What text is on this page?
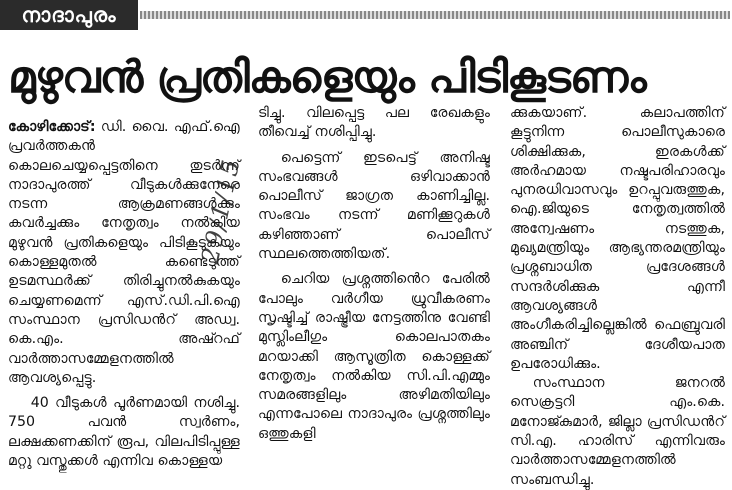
നാദാപുരം
മുഴുവൻ പ്രതികളെയും പിടികൂടണം

കോഴിക്കോട്: ഡി. വൈ. എഫ്.ഐ പ്രവർത്തകൻ കൊലചെയ്യപ്പെട്ടതിനെ തുടർന്ന് നാദാപുരത്ത് വീടുകൾക്കുനേരെ നടന്ന ആക്രമണങ്ങൾക്കും കവർച്ചക്കും നേതൃത്വം നൽകിയ മുഴുവൻ പ്രതികളെയും പിടികൂടുകയും കൊള്ളമുതൽ കണ്ടെടുത്ത് ഉടമസ്ഥർക്ക് തിരിച്ചുനൽകുകയും ചെയ്യണമെന്ന് എസ്.ഡി.പി.ഐ സംസ്ഥാന പ്രസിഡൻറ് അഡ്വ. കെ.എം. അഷ്റഫ് വാർത്താസമ്മേളനത്തിൽ ആവശ്യപ്പെട്ടു.

40 വീടുകൾ പൂർണമായി നശിച്ചു. 750 പവൻ സ്വർണം, ലക്ഷക്കണക്കിന് രൂപ, വിലപിടിപ്പുള്ള മറ്റു വസ്തുക്കൾ എന്നിവ കൊള്ളയ

ടിച്ചു. വിലപ്പെട്ട പല രേഖകളും തീവെച്ച് നശിപ്പിച്ചു.

പെട്ടെന്ന് ഇടപെട്ട് അനിഷ്ട സംഭവങ്ങൾ ഒഴിവാക്കാൻ പൊലീസ് ജാഗ്രത കാണിച്ചില്ല. സംഭവം നടന്ന് മണിക്കൂറുകൾ കഴിഞ്ഞാണ് പൊലീസ് സ്ഥലത്തെത്തിയത്.

ചെറിയ പ്രശ്നത്തിൻെറ പേരിൽ പോലും വർഗീയ ധ്രുവീകരണം സൃഷ്ടിച്ച് രാഷ്ട്രീയ നേട്ടത്തിനു വേണ്ടി മുസ്ലിംലീഗും കൊലപാതകം മറയാക്കി ആസൂത്രിത കൊള്ളക്ക് നേതൃത്വം നൽകിയ സി.പി.എമ്മും സമരങ്ങളിലും അഴിമതിയിലും എന്നപോലെ നാദാപുരം പ്രശ്നത്തിലും ഒത്തുകളി

ക്കുകയാണ്. കലാപത്തിന് കൂട്ടുനിന്ന പൊലീസുകാരെ ശിക്ഷിക്കുക, ഇരകൾക്ക് അർഹമായ നഷ്ടപരിഹാരവും പുനരധിവാസവും ഉറപ്പുവരുത്തുക, ഐ.ജിയുടെ നേതൃത്വത്തിൽ അന്വേഷണം നടത്തുക, മുഖ്യമന്ത്രിയും ആഭ്യന്തരമന്ത്രിയും പ്രശ്നബാധിത പ്രദേശങ്ങൾ സന്ദർശിക്കുക എന്നീ ആവശ്യങ്ങൾ അംഗീകരിച്ചില്ലെങ്കിൽ ഫെബ്രുവരി അഞ്ചിന് ദേശീയപാത ഉപരോധിക്കും.

സംസ്ഥാന ജനറൽ സെക്രട്ടറി എം.കെ. മനോജ്കുമാർ, ജില്ലാ പ്രസിഡൻറ് സി.എ. ഹാരിസ് എന്നിവരും വാർത്താസമ്മേളനത്തിൽ സംബന്ധിച്ചു.

29/1/15
